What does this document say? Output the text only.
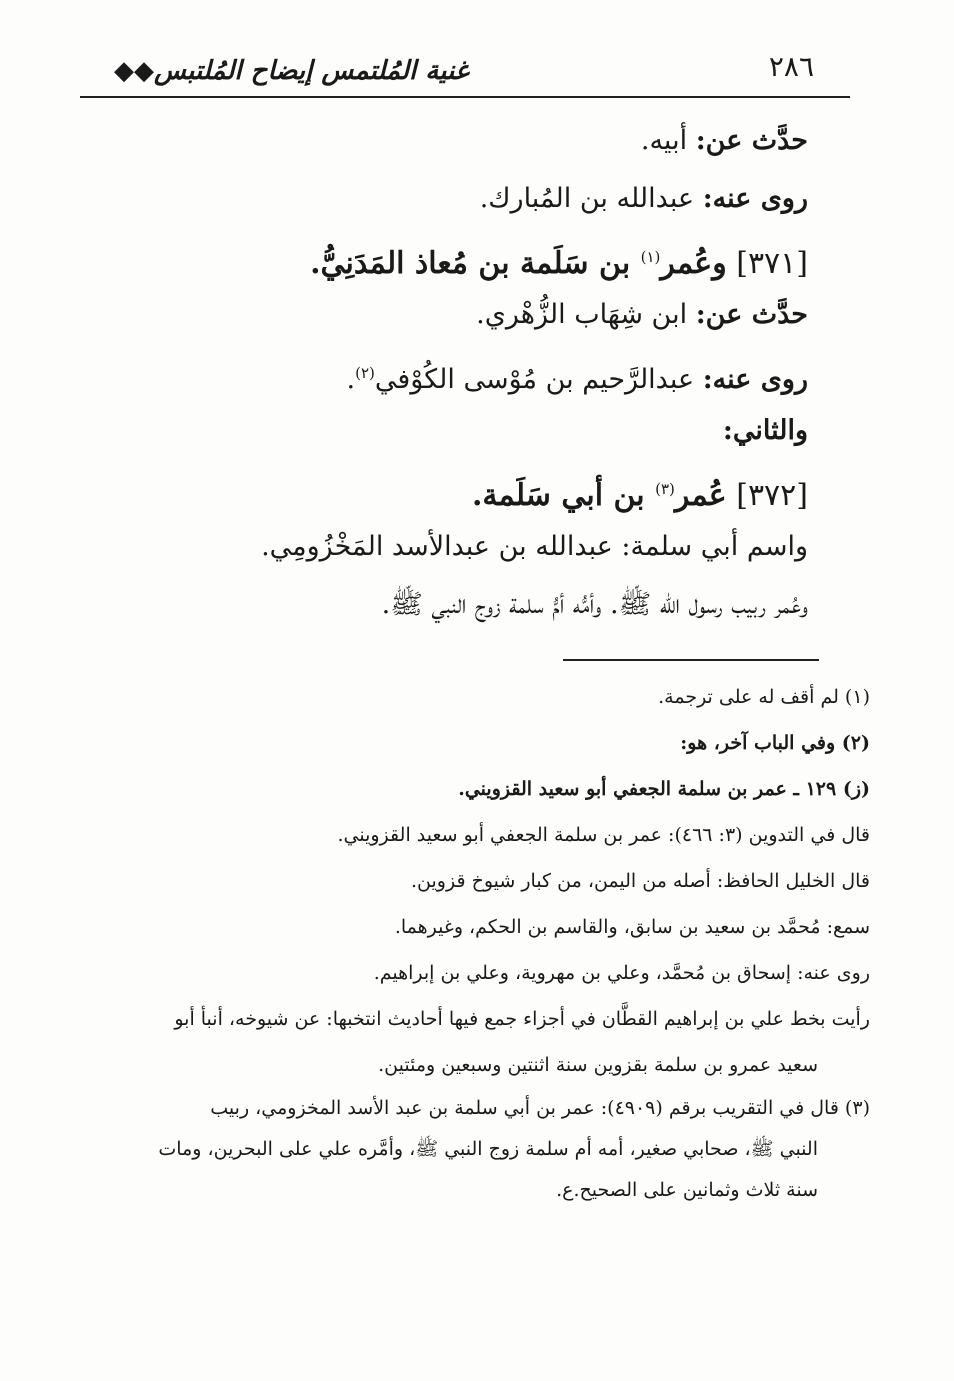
غنية المُلتمس إيضاح المُلتبس◆◆	٢٨٦
حدَّث عن: أبيه.
روى عنه: عبدالله بن المُبارك.
[٣٧١] وعُمر$^{(١)}$ بن سَلَمة بن مُعاذ المَدَنِيُّ.
حدَّث عن: ابن شِهَاب الزُّهْري.
روى عنه: عبدالرَّحيم بن مُوْسى الكُوْفي$^{(٢)}$.
والثاني:
[٣٧٢] عُمر$^{(٣)}$ بن أبي سَلَمة.
واسم أبي سلمة: عبدالله بن عبدالأسد المَخْزُومِي.
وعُمر ربيب رسول الله ﷺ. وأمُّه أمُّ سلمة زوج النبي ﷺ.
(١) لم أقف له على ترجمة.
(٢) وفي الباب آخر، هو:
(ز) ١٢٩ ـ عمر بن سلمة الجعفي أبو سعيد القزويني.
قال في التدوين (٣: ٤٦٦): عمر بن سلمة الجعفي أبو سعيد القزويني.
قال الخليل الحافظ: أصله من اليمن، من كبار شيوخ قزوين.
سمع: مُحمَّد بن سعيد بن سابق، والقاسم بن الحكم، وغيرهما.
روى عنه: إسحاق بن مُحمَّد، وعلي بن مهروية، وعلي بن إبراهيم.
رأيت بخط علي بن إبراهيم القطَّان في أجزاء جمع فيها أحاديث انتخبها: عن شيوخه، أنبأ أبو
سعيد عمرو بن سلمة بقزوين سنة اثنتين وسبعين ومئتين.
(٣) قال في التقريب برقم (٤٩٠٩): عمر بن أبي سلمة بن عبد الأسد المخزومي، ربيب
النبي ﷺ، صحابي صغير، أمه أم سلمة زوج النبي ﷺ، وأمَّره علي على البحرين، ومات
سنة ثلاث وثمانين على الصحيح.ع.
